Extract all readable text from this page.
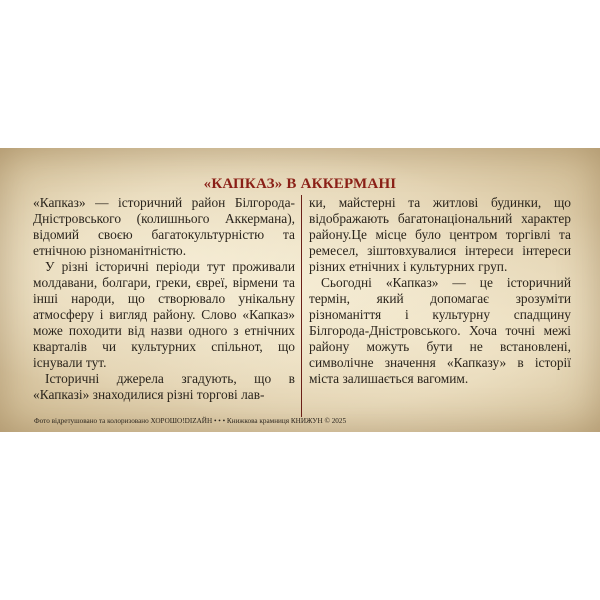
«КАПКАЗ» В АККЕРМАНІ

«Капказ» — історичний район Білгорода-Дністровського (колишнього Аккермана), відомий своєю багатокультурністю та етнічною різноманітністю.

У різні історичні періоди тут проживали молдавани, болгари, греки, євреї, вірмени та інші народи, що створювало унікальну атмосферу і вигляд району. Слово «Капказ» може походити від назви одного з етнічних кварталів чи культурних спільнот, що існували тут.

Історичні джерела згадують, що в «Капказі» знаходилися різні торгові лав-

ки, майстерні та житлові будинки, що відображають багатонаціональний характер району.Це місце було центром торгівлі та ремесел, зіштовхувалися інтереси інтереси різних етнічних і культурних груп.

Сьогодні «Капказ» — це історичний термін, який допомагає зрозуміти різноманіття і культурну спадщину Білгорода-Дністровського. Хоча точні межі району можуть бути не встановлені, символічне значення «Капказу» в історії міста залишається вагомим.

Фото відретушовано та колоризовано ХОРОШО!DIZАЙН • • • Книжкова крамниця КНИЖУН © 2025
